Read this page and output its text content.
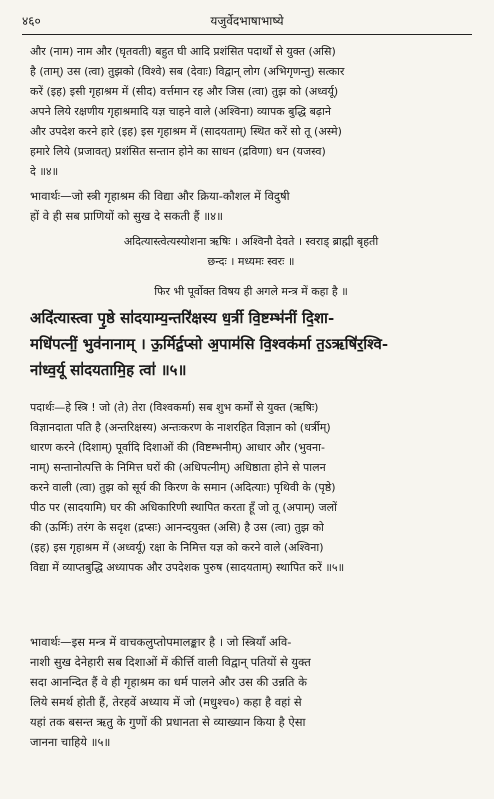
४६०	यजुर्वेदभाषाभाष्ये
और (नाम) नाम और (घृतवती) बहुत घी आदि प्रशंसित पदार्थों से युक्त (असि)
है (ताम्) उस (त्वा) तुझको (विश्वे) सब (देवाः) विद्वान् लोग (अभिगृणन्तु) सत्कार
करें (इह) इसी गृहाश्रम में (सीद) वर्त्तमान रह और जिस (त्वा) तुझ को (अध्वर्यू)
अपने लिये रक्षणीय गृहाश्रमादि यज्ञ चाहने वाले (अश्विना) व्यापक बुद्धि बढ़ाने
और उपदेश करने हारे (इह) इस गृहाश्रम में (सादयताम्) स्थित करें सो तू (अस्मे)
हमारे लिये (प्रजावत्) प्रशंसित सन्तान होने का साधन (द्रविणा) धन (यजस्व)
दे ॥४॥
भावार्थः—जो स्त्री गृहाश्रम की विद्या और क्रिया-कौशल में विदुषी
हों वे ही सब प्राणियों को सुख दे सकती हैं ॥४॥
अदित्यास्त्वेत्यस्योशना ऋषिः । अश्विनौ देवते । स्वराड् ब्राह्मी बृहती
छन्दः । मध्यमः स्वरः ॥
फिर भी पूर्वोक्त विषय ही अगले मन्त्र में कहा है ॥
अदि॑त्यास्त्वा पृ॒ष्ठे सा॑दयाम्य॒न्तरि॑क्षस्य ध॒र्त्री वि॒ष्टम्भ॑नीं दि॒शा-
मधि॑पत्नीं॒ भुव॑नानाम् । ऊ॒र्मिर्द्र॒प्सो अ॒पाम॑सि वि॒श्वक॑र्मा त॒ऽऋषि॑र॒श्वि-
ना॑ध्व॒र्यू सा॑दयतामि॒ह त्वा॑ ॥५॥
पदार्थः—हे स्त्रि ! जो (ते) तेरा (विश्वकर्मा) सब शुभ कर्मों से युक्त (ऋषिः)
विज्ञानदाता पति है (अन्तरिक्षस्य) अन्तःकरण के नाशरहित विज्ञान को (धर्त्रीम्)
धारण करने (दिशाम्) पूर्वादि दिशाओं की (विष्टम्भनीम्) आधार और (भुवना-
नाम्) सन्तानोत्पत्ति के निमित्त घरों की (अधिपत्नीम्) अधिष्ठाता होने से पालन
करने वाली (त्वा) तुझ को सूर्य की किरण के समान (अदित्याः) पृथिवी के (पृष्ठे)
पीठ पर (सादयामि) घर की अधिकारिणी स्थापित करता हूँ जो तू (अपाम्) जलों
की (ऊर्मिः) तरंग के सदृश (द्रप्सः) आनन्दयुक्त (असि) है उस (त्वा) तुझ को
(इह) इस गृहाश्रम में (अध्वर्यू) रक्षा के निमित्त यज्ञ को करने वाले (अश्विना)
विद्या में व्याप्तबुद्धि अध्यापक और उपदेशक पुरुष (सादयताम्) स्थापित करें ॥५॥
भावार्थः—इस मन्त्र में वाचकलुप्तोपमालङ्कार है । जो स्त्रियाँ अवि-
नाशी सुख देनेहारी सब दिशाओं में कीर्त्ति वाली विद्वान् पतियों से युक्त
सदा आनन्दित हैं वे ही गृहाश्रम का धर्म पालने और उस की उन्नति के
लिये समर्थ होती हैं, तेरहवें अध्याय में जो (मधुश्च०) कहा है वहां से
यहां तक बसन्त ऋतु के गुणों की प्रधानता से व्याख्यान किया है ऐसा
जानना चाहिये ॥५॥
